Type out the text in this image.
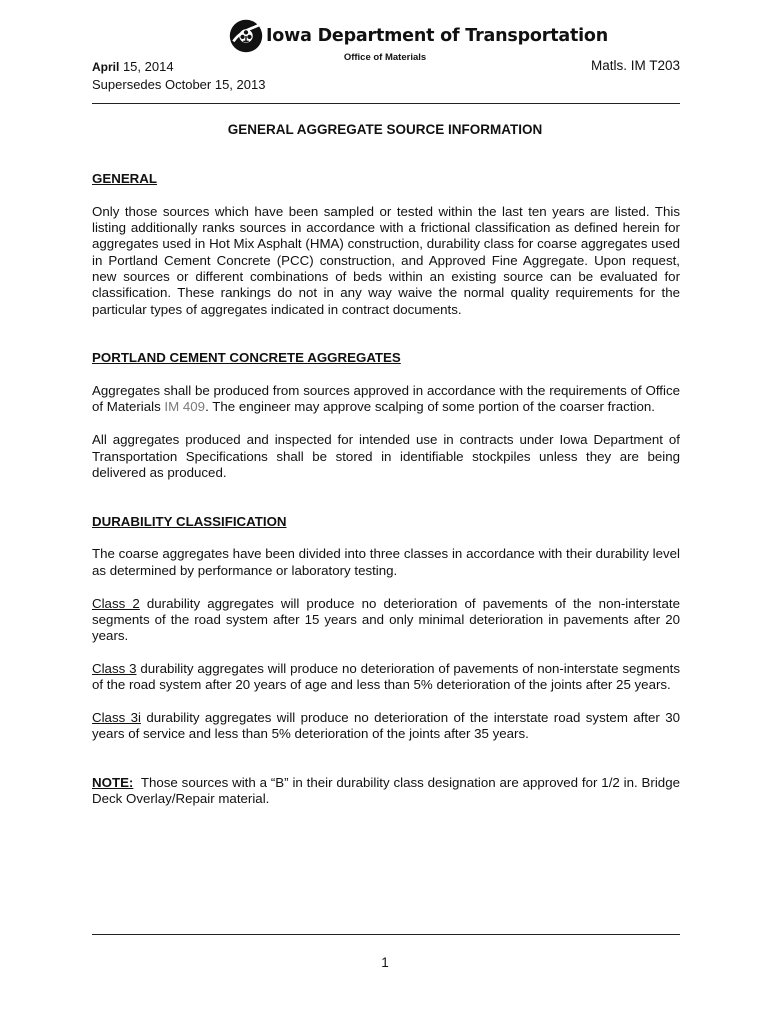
Iowa Department of Transportation
Office of Materials
April 15, 2014
Supersedes October 15, 2013
Matls. IM T203
GENERAL AGGREGATE SOURCE INFORMATION
GENERAL

Only those sources which have been sampled or tested within the last ten years are listed. This listing additionally ranks sources in accordance with a frictional classification as defined herein for aggregates used in Hot Mix Asphalt (HMA) construction, durability class for coarse aggregates used in Portland Cement Concrete (PCC) construction, and Approved Fine Aggregate. Upon request, new sources or different combinations of beds within an existing source can be evaluated for classification. These rankings do not in any way waive the normal quality requirements for the particular types of aggregates indicated in contract documents.

PORTLAND CEMENT CONCRETE AGGREGATES

Aggregates shall be produced from sources approved in accordance with the requirements of Office of Materials IM 409. The engineer may approve scalping of some portion of the coarser fraction.

All aggregates produced and inspected for intended use in contracts under Iowa Department of Transportation Specifications shall be stored in identifiable stockpiles unless they are being delivered as produced.

DURABILITY CLASSIFICATION

The coarse aggregates have been divided into three classes in accordance with their durability level as determined by performance or laboratory testing.

Class 2 durability aggregates will produce no deterioration of pavements of the non-interstate segments of the road system after 15 years and only minimal deterioration in pavements after 20 years.

Class 3 durability aggregates will produce no deterioration of pavements of non-interstate segments of the road system after 20 years of age and less than 5% deterioration of the joints after 25 years.

Class 3i durability aggregates will produce no deterioration of the interstate road system after 30 years of service and less than 5% deterioration of the joints after 35 years.

NOTE:  Those sources with a “B” in their durability class designation are approved for 1/2 in. Bridge Deck Overlay/Repair material.

1
